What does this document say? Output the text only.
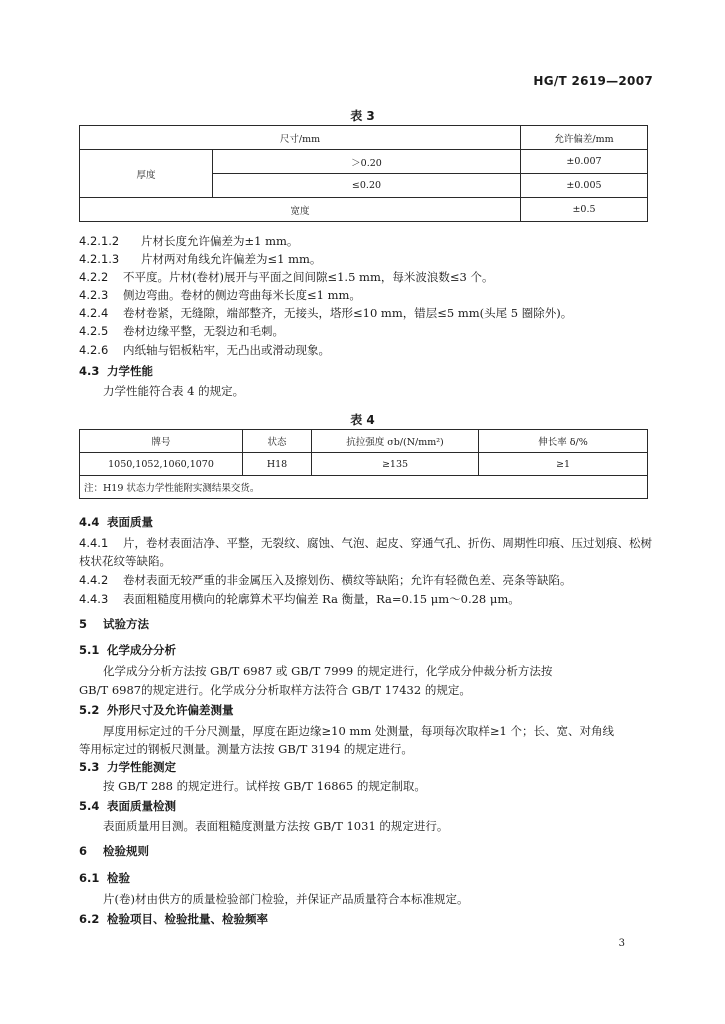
HG/T 2619—2007
表 3
尺寸/mm		允许偏差/mm
厚度	＞0.20	±0.007
	≤0.20	±0.005
宽度		±0.5
4.2.1.2 片材长度允许偏差为±1 mm。
4.2.1.3 片材两对角线允许偏差为≤1 mm。
4.2.2 不平度。片材(卷材)展开与平面之间间隙≤1.5 mm，每米波浪数≤3 个。
4.2.3 侧边弯曲。卷材的侧边弯曲每米长度≤1 mm。
4.2.4 卷材卷紧，无缝隙，端部整齐，无接头，塔形≤10 mm，错层≤5 mm(头尾 5 圈除外)。
4.2.5 卷材边缘平整，无裂边和毛刺。
4.2.6 内纸轴与铝板粘牢，无凸出或滑动现象。
4.3 力学性能
力学性能符合表 4 的规定。
表 4
牌号	状态	抗拉强度 σb/(N/mm²)	伸长率 δ/%
1050,1052,1060,1070	H18	≥135	≥1
注：H19 状态力学性能附实测结果交货。			
4.4 表面质量
4.4.1 片，卷材表面洁净、平整，无裂纹、腐蚀、气泡、起皮、穿通气孔、折伤、周期性印痕、压过划痕、松树
枝状花纹等缺陷。
4.4.2 卷材表面无较严重的非金属压入及擦划伤、横纹等缺陷；允许有轻微色差、亮条等缺陷。
4.4.3 表面粗糙度用横向的轮廓算术平均偏差 Ra 衡量，Ra=0.15 μm～0.28 μm。
5 试验方法
5.1 化学成分分析
化学成分分析方法按 GB/T 6987 或 GB/T 7999 的规定进行，化学成分仲裁分析方法按
GB/T 6987的规定进行。化学成分分析取样方法符合 GB/T 17432 的规定。
5.2 外形尺寸及允许偏差测量
厚度用标定过的千分尺测量，厚度在距边缘≥10 mm 处测量，每项每次取样≥1 个；长、宽、对角线
等用标定过的钢板尺测量。测量方法按 GB/T 3194 的规定进行。
5.3 力学性能测定
按 GB/T 288 的规定进行。试样按 GB/T 16865 的规定制取。
5.4 表面质量检测
表面质量用目测。表面粗糙度测量方法按 GB/T 1031 的规定进行。
6 检验规则
6.1 检验
片(卷)材由供方的质量检验部门检验，并保证产品质量符合本标准规定。
6.2 检验项目、检验批量、检验频率
3
